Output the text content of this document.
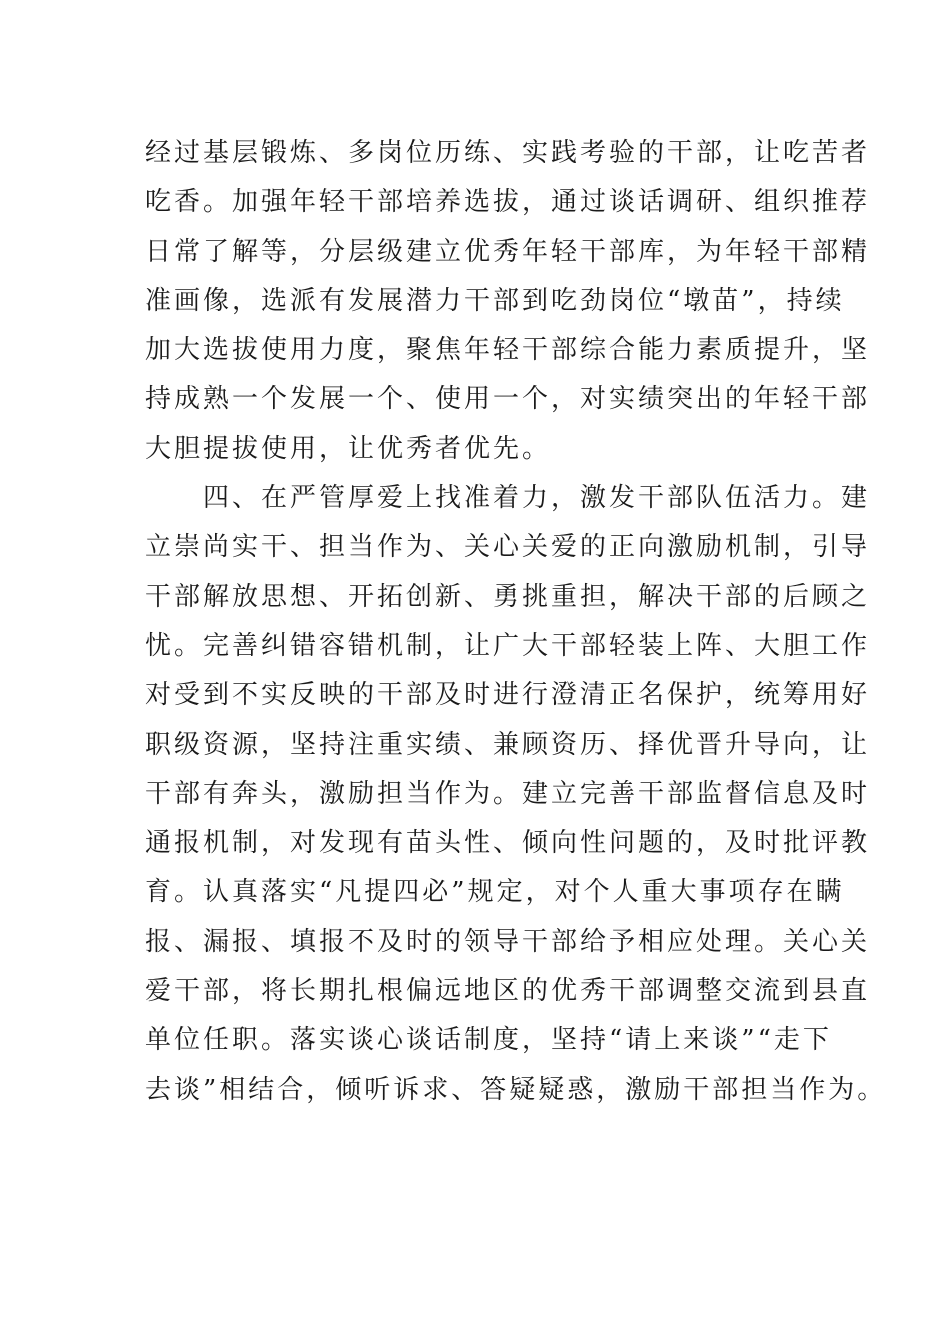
经过基层锻炼、多岗位历练、实践考验的干部，让吃苦者
吃香。加强年轻干部培养选拔，通过谈话调研、组织推荐
日常了解等，分层级建立优秀年轻干部库，为年轻干部精
准画像，选派有发展潜力干部到吃劲岗位“墩苗”，持续
加大选拔使用力度，聚焦年轻干部综合能力素质提升，坚
持成熟一个发展一个、使用一个，对实绩突出的年轻干部
大胆提拔使用，让优秀者优先。
　　四、在严管厚爱上找准着力，激发干部队伍活力。建
立崇尚实干、担当作为、关心关爱的正向激励机制，引导
干部解放思想、开拓创新、勇挑重担，解决干部的后顾之
忧。完善纠错容错机制，让广大干部轻装上阵、大胆工作
对受到不实反映的干部及时进行澄清正名保护，统筹用好
职级资源，坚持注重实绩、兼顾资历、择优晋升导向，让
干部有奔头，激励担当作为。建立完善干部监督信息及时
通报机制，对发现有苗头性、倾向性问题的，及时批评教
育。认真落实“凡提四必”规定，对个人重大事项存在瞒
报、漏报、填报不及时的领导干部给予相应处理。关心关
爱干部，将长期扎根偏远地区的优秀干部调整交流到县直
单位任职。落实谈心谈话制度，坚持“请上来谈”“走下
去谈”相结合，倾听诉求、答疑疑惑，激励干部担当作为。
